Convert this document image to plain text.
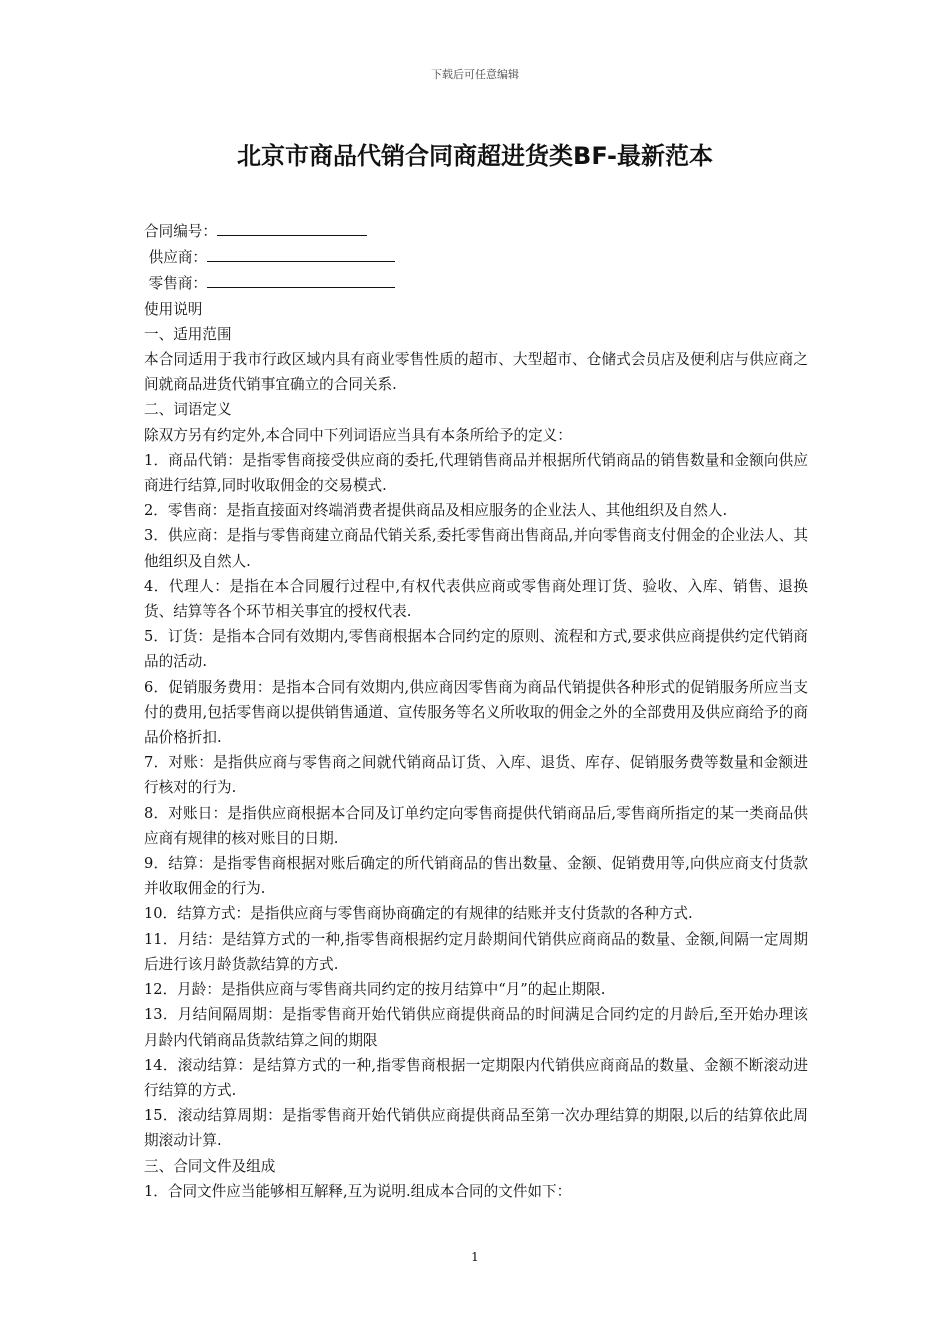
下载后可任意编辑
北京市商品代销合同商超进货类BF-最新范本

合同编号：

供应商：

零售商：

使用说明

一、适用范围

本合同适用于我市行政区域内具有商业零售性质的超市、大型超市、仓储式会员店及便利店与供应商之间就商品进货代销事宜确立的合同关系.

二、词语定义

除双方另有约定外,本合同中下列词语应当具有本条所给予的定义：

1．商品代销：是指零售商接受供应商的委托,代理销售商品并根据所代销商品的销售数量和金额向供应商进行结算,同时收取佣金的交易模式.

2．零售商：是指直接面对终端消费者提供商品及相应服务的企业法人、其他组织及自然人.

3．供应商：是指与零售商建立商品代销关系,委托零售商出售商品,并向零售商支付佣金的企业法人、其他组织及自然人.

4．代理人：是指在本合同履行过程中,有权代表供应商或零售商处理订货、验收、入库、销售、退换货、结算等各个环节相关事宜的授权代表.

5．订货：是指本合同有效期内,零售商根据本合同约定的原则、流程和方式,要求供应商提供约定代销商品的活动.

6．促销服务费用：是指本合同有效期内,供应商因零售商为商品代销提供各种形式的促销服务所应当支付的费用,包括零售商以提供销售通道、宣传服务等名义所收取的佣金之外的全部费用及供应商给予的商品价格折扣.

7．对账：是指供应商与零售商之间就代销商品订货、入库、退货、库存、促销服务费等数量和金额进行核对的行为.

8．对账日：是指供应商根据本合同及订单约定向零售商提供代销商品后,零售商所指定的某一类商品供应商有规律的核对账目的日期.

9．结算：是指零售商根据对账后确定的所代销商品的售出数量、金额、促销费用等,向供应商支付货款并收取佣金的行为.

10．结算方式：是指供应商与零售商协商确定的有规律的结账并支付货款的各种方式.

11．月结：是结算方式的一种,指零售商根据约定月龄期间代销供应商商品的数量、金额,间隔一定周期后进行该月龄货款结算的方式.

12．月龄：是指供应商与零售商共同约定的按月结算中“月”的起止期限.

13．月结间隔周期：是指零售商开始代销供应商提供商品的时间满足合同约定的月龄后,至开始办理该月龄内代销商品货款结算之间的期限

14．滚动结算：是结算方式的一种,指零售商根据一定期限内代销供应商商品的数量、金额不断滚动进行结算的方式.

15．滚动结算周期：是指零售商开始代销供应商提供商品至第一次办理结算的期限,以后的结算依此周期滚动计算.

三、合同文件及组成

1．合同文件应当能够相互解释,互为说明.组成本合同的文件如下：

1
